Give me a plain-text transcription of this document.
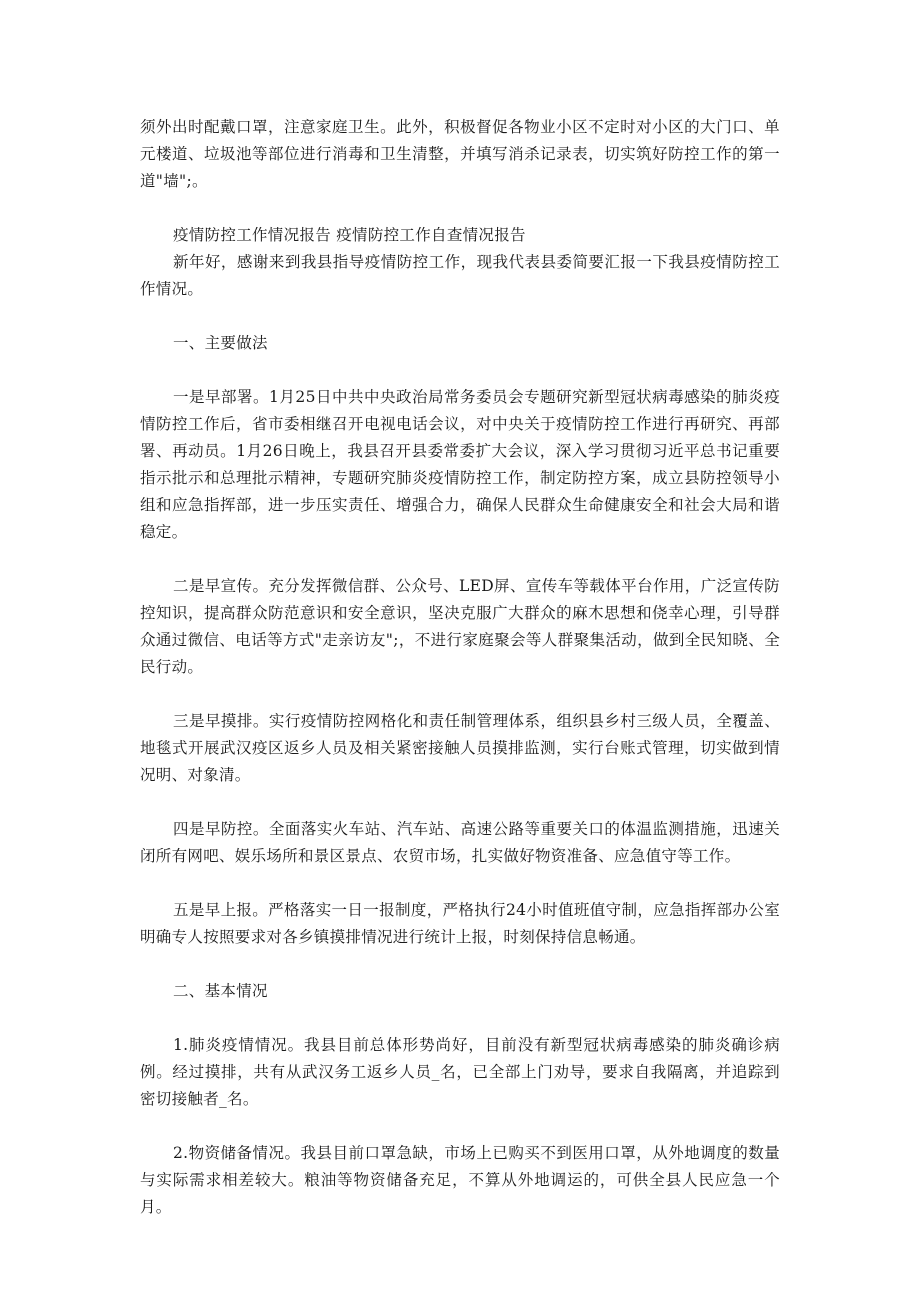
须外出时配戴口罩，注意家庭卫生。此外，积极督促各物业小区不定时对小区的大门口、单元楼道、垃圾池等部位进行消毒和卫生清整，并填写消杀记录表，切实筑好防控工作的第一道"墙";。

疫情防控工作情况报告 疫情防控工作自查情况报告

新年好，感谢来到我县指导疫情防控工作，现我代表县委简要汇报一下我县疫情防控工作情况。

一、主要做法

一是早部署。1月25日中共中央政治局常务委员会专题研究新型冠状病毒感染的肺炎疫情防控工作后，省市委相继召开电视电话会议，对中央关于疫情防控工作进行再研究、再部署、再动员。1月26日晚上，我县召开县委常委扩大会议，深入学习贯彻习近平总书记重要指示批示和总理批示精神，专题研究肺炎疫情防控工作，制定防控方案，成立县防控领导小组和应急指挥部，进一步压实责任、增强合力，确保人民群众生命健康安全和社会大局和谐稳定。

二是早宣传。充分发挥微信群、公众号、LED屏、宣传车等载体平台作用，广泛宣传防控知识，提高群众防范意识和安全意识，坚决克服广大群众的麻木思想和侥幸心理，引导群众通过微信、电话等方式"走亲访友";，不进行家庭聚会等人群聚集活动，做到全民知晓、全民行动。

三是早摸排。实行疫情防控网格化和责任制管理体系，组织县乡村三级人员，全覆盖、地毯式开展武汉疫区返乡人员及相关紧密接触人员摸排监测，实行台账式管理，切实做到情况明、对象清。

四是早防控。全面落实火车站、汽车站、高速公路等重要关口的体温监测措施，迅速关闭所有网吧、娱乐场所和景区景点、农贸市场，扎实做好物资准备、应急值守等工作。

五是早上报。严格落实一日一报制度，严格执行24小时值班值守制，应急指挥部办公室明确专人按照要求对各乡镇摸排情况进行统计上报，时刻保持信息畅通。

二、基本情况

1.肺炎疫情情况。我县目前总体形势尚好，目前没有新型冠状病毒感染的肺炎确诊病例。经过摸排，共有从武汉务工返乡人员_名，已全部上门劝导，要求自我隔离，并追踪到密切接触者_名。

2.物资储备情况。我县目前口罩急缺，市场上已购买不到医用口罩，从外地调度的数量与实际需求相差较大。粮油等物资储备充足，不算从外地调运的，可供全县人民应急一个月。
